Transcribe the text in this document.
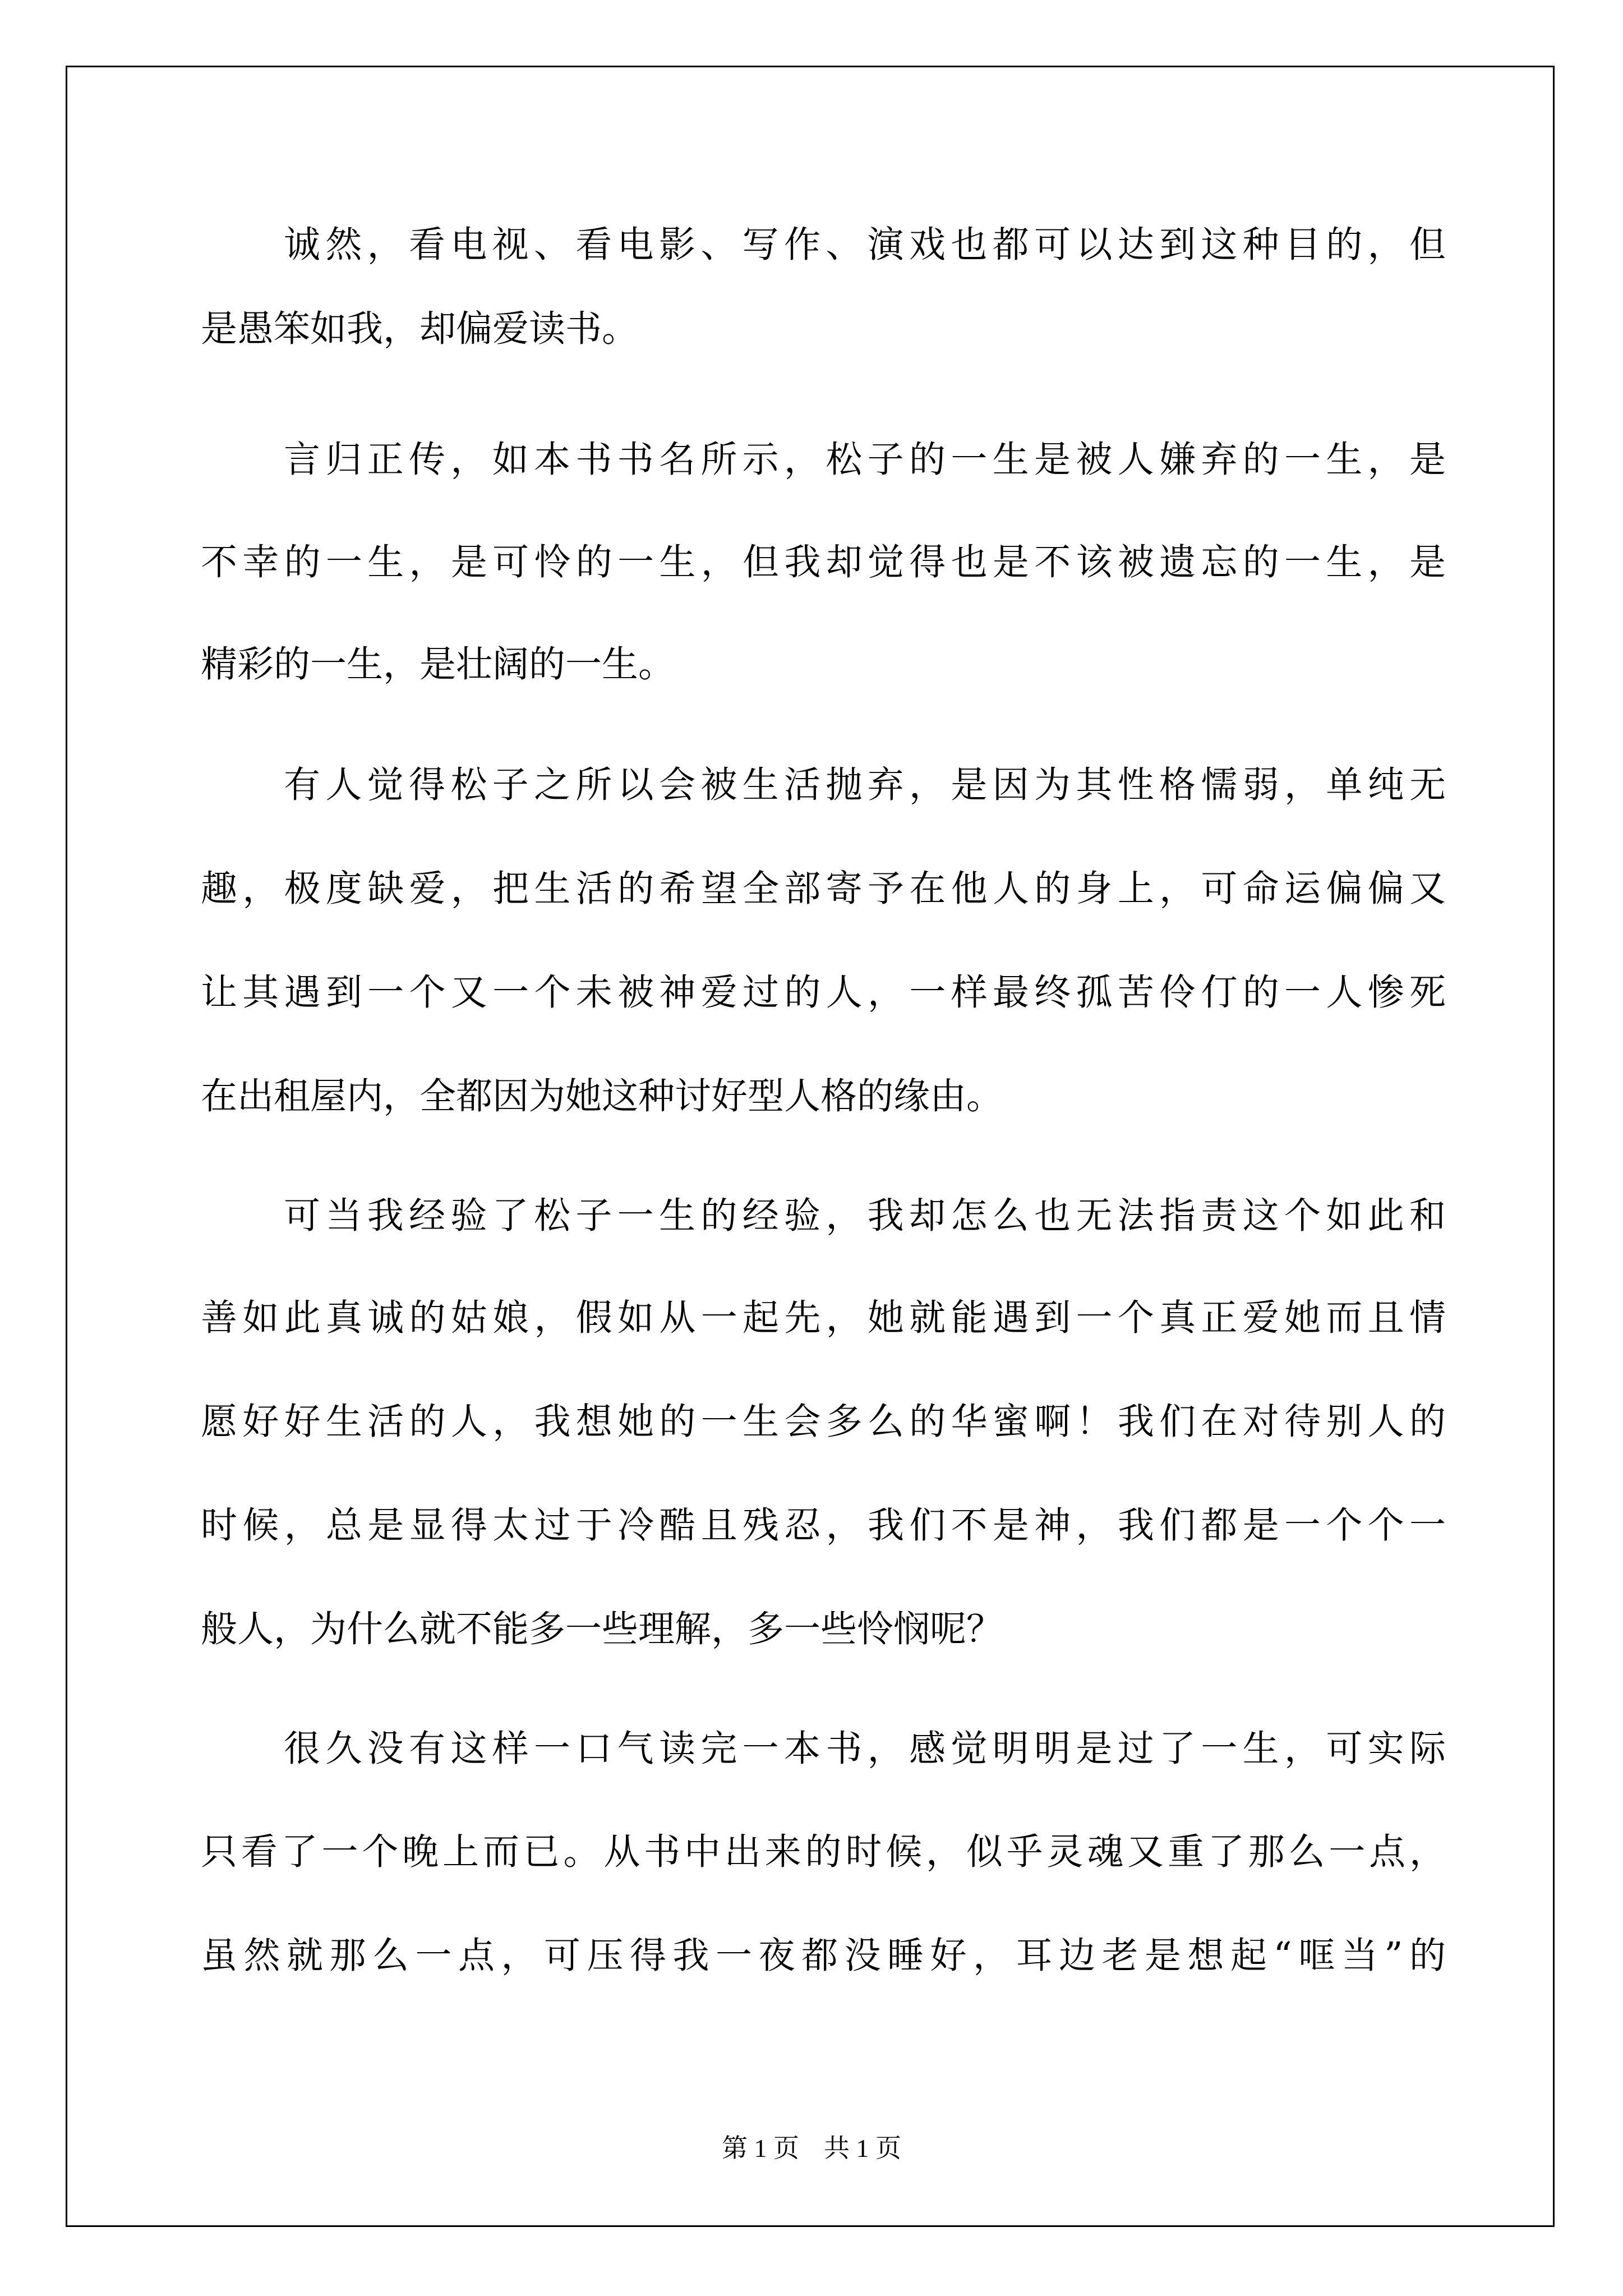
诚然，看电视、看电影、写作、演戏也都可以达到这种目的，但
是愚笨如我，却偏爱读书。
言归正传，如本书书名所示，松子的一生是被人嫌弃的一生，是
不幸的一生，是可怜的一生，但我却觉得也是不该被遗忘的一生，是
精彩的一生，是壮阔的一生。
有人觉得松子之所以会被生活抛弃，是因为其性格懦弱，单纯无
趣，极度缺爱，把生活的希望全部寄予在他人的身上，可命运偏偏又
让其遇到一个又一个未被神爱过的人，一样最终孤苦伶仃的一人惨死
在出租屋内，全都因为她这种讨好型人格的缘由。
可当我经验了松子一生的经验，我却怎么也无法指责这个如此和
善如此真诚的姑娘，假如从一起先，她就能遇到一个真正爱她而且情
愿好好生活的人，我想她的一生会多么的华蜜啊！我们在对待别人的
时候，总是显得太过于冷酷且残忍，我们不是神，我们都是一个个一
般人，为什么就不能多一些理解，多一些怜悯呢？
很久没有这样一口气读完一本书，感觉明明是过了一生，可实际
只看了一个晚上而已。从书中出来的时候，似乎灵魂又重了那么一点，
虽然就那么一点，可压得我一夜都没睡好，耳边老是想起“哐当”的
第 1 页 共 1 页
